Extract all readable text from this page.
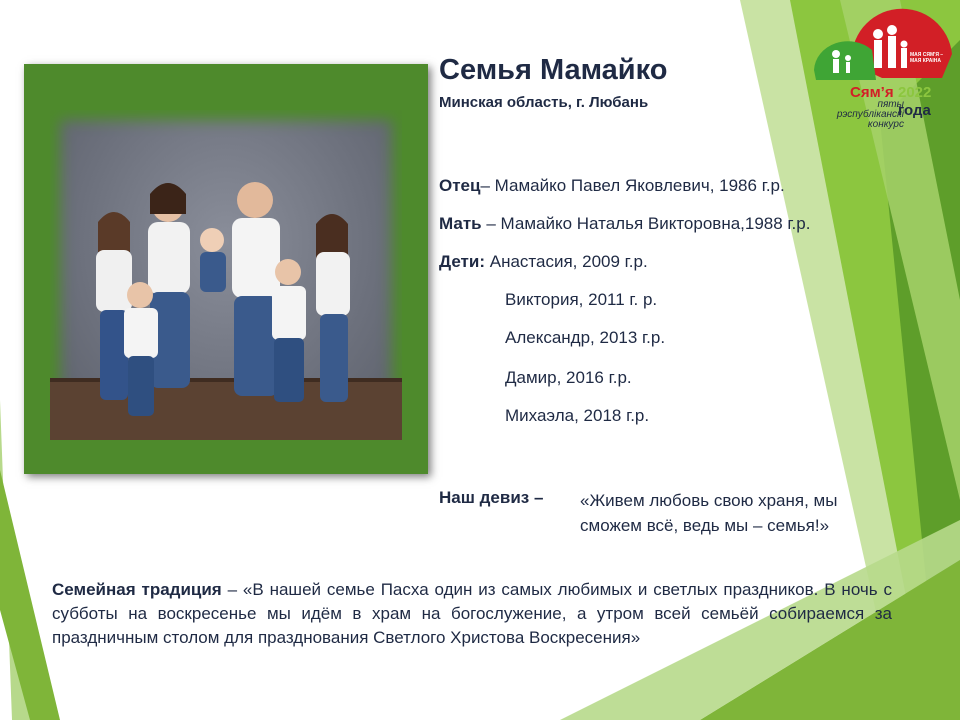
Семья Мамайко
Минская область, г. Любань
Отец– Мамайко Павел Яковлевич, 1986 г.р.
Мать – Мамайко Наталья Викторовна,1988 г.р.
Дети: Анастасия, 2009 г.р.
Виктория, 2011 г. р.
Александр, 2013 г.р.
Дамир, 2016 г.р.
Михаэла, 2018 г.р.
Наш девиз – «Живем любовь свою храня, мы
сможем всё, ведь мы – семья!»
Семейная традиция – «В нашей семье Пасха один из самых любимых и светлых праздников. В ночь с субботы на воскресенье мы идём в храм на богослужение, а утром всей семьёй собираемся за праздничным столом для празднования Светлого Христова Воскресения»
МАЯ СЯМ'Я – МАЯ КРАІНА
Сям’я 2022
пяты рэспубліканскі конкурс
года
